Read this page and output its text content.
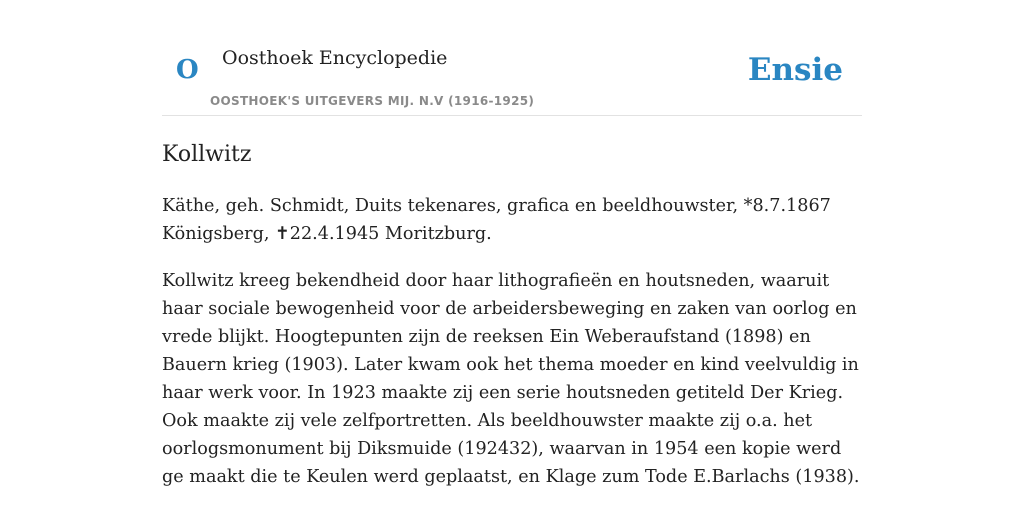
O Oosthoek Encyclopedie
OOSTHOEK'S UITGEVERS MIJ. N.V (1916-1925)
Ensie
Kollwitz

Käthe, geh. Schmidt, Duits tekenares, grafica en beeldhouwster, *8.7.1867 Königsberg, ✝22.4.1945 Moritzburg.

Kollwitz kreeg bekendheid door haar lithografieën en houtsneden, waaruit haar sociale bewogenheid voor de arbeidersbeweging en zaken van oorlog en vrede blijkt. Hoogtepunten zijn de reeksen Ein Weberaufstand (1898) en Bauern krieg (1903). Later kwam ook het thema moeder en kind veelvuldig in haar werk voor. In 1923 maakte zij een serie houtsneden getiteld Der Krieg. Ook maakte zij vele zelfportretten. Als beeldhouwster maakte zij o.a. het oorlogsmonument bij Diksmuide (192432), waarvan in 1954 een kopie werd ge maakt die te Keulen werd geplaatst, en Klage zum Tode E.Barlachs (1938).
